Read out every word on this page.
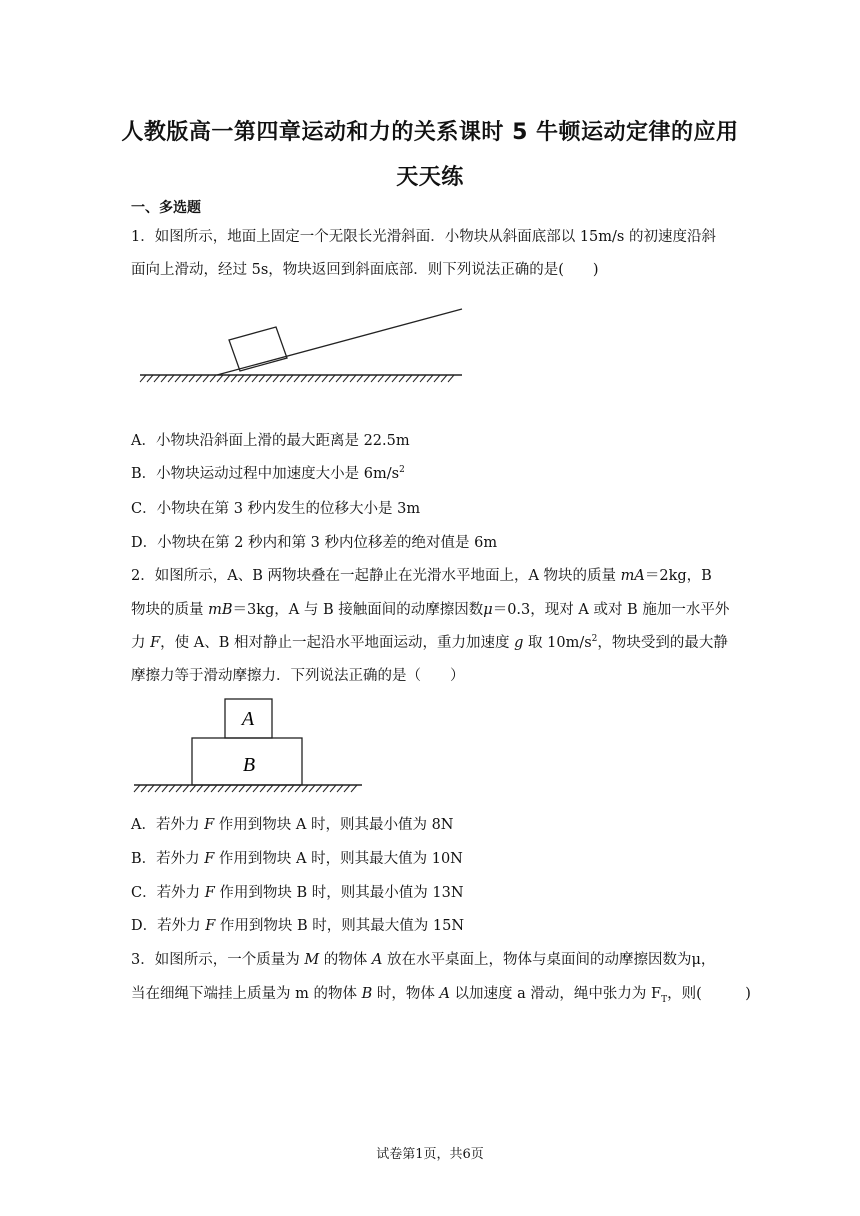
人教版高一第四章运动和力的关系课时 5 牛顿运动定律的应用
天天练
一、多选题
1．如图所示，地面上固定一个无限长光滑斜面．小物块从斜面底部以 15m/s 的初速度沿斜
面向上滑动，经过 5s，物块返回到斜面底部．则下列说法正确的是(　　)
A．小物块沿斜面上滑的最大距离是 22.5m
B．小物块运动过程中加速度大小是 $6m/s^2$
C．小物块在第 3 秒内发生的位移大小是 3m
D．小物块在第 2 秒内和第 3 秒内位移差的绝对值是 6m
2．如图所示，A、B 两物块叠在一起静止在光滑水平地面上，A 物块的质量 mA＝2kg，B
物块的质量 mB＝3kg，A 与 B 接触面间的动摩擦因数μ＝0.3，现对 A 或对 B 施加一水平外
力 F，使 A、B 相对静止一起沿水平地面运动，重力加速度 g 取 $10m/s^2$，物块受到的最大静
摩擦力等于滑动摩擦力．下列说法正确的是（　　）
A
B
A．若外力 F 作用到物块 A 时，则其最小值为 8N
B．若外力 F 作用到物块 A 时，则其最大值为 10N
C．若外力 F 作用到物块 B 时，则其最小值为 13N
D．若外力 F 作用到物块 B 时，则其最大值为 15N
3．如图所示，一个质量为 M 的物体 A 放在水平桌面上，物体与桌面间的动摩擦因数为μ，
当在细绳下端挂上质量为 m 的物体 B 时，物体 A 以加速度 a 滑动，绳中张力为 $F_T$，则(　　　)
试卷第1页，共6页
